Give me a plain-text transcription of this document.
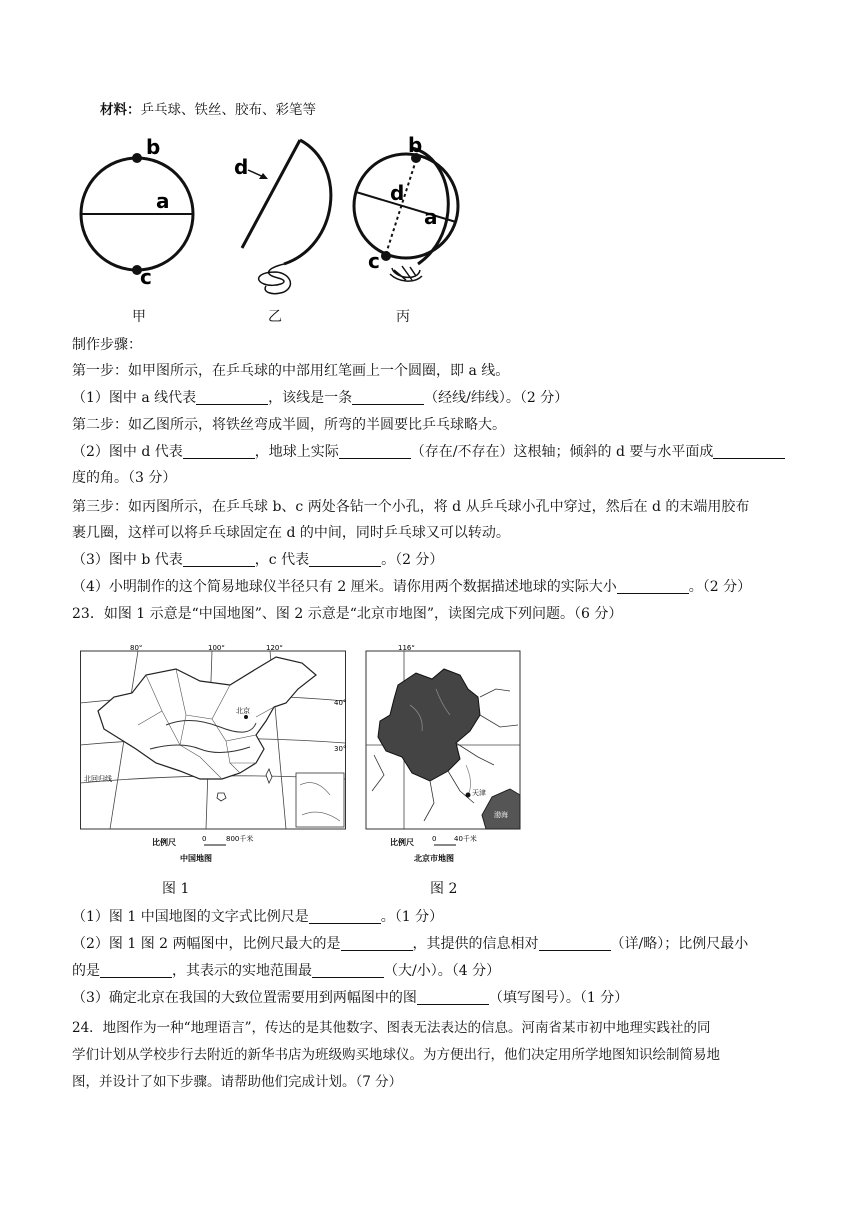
材料：乒乓球、铁丝、胶布、彩笔等
b
a
c
d
b
d
a
c
甲	乙	丙
制作步骤：
第一步：如甲图所示，在乒乓球的中部用红笔画上一个圆圈，即 a 线。
（1）图中 a 线代表	，该线是一条	（经线/纬线）。（2 分）
第二步：如乙图所示，将铁丝弯成半圆，所弯的半圆要比乒乓球略大。
（2）图中 d 代表	，地球上实际	（存在/不存在）这根轴；倾斜的 d 要与水平面成
度的角。（3 分）
第三步：如丙图所示，在乒乓球 b、c 两处各钻一个小孔，将 d 从乒乓球小孔中穿过，然后在 d 的末端用胶布
裹几圈，这样可以将乒乓球固定在 d 的中间，同时乒乓球又可以转动。
（3）图中 b 代表	，c 代表	。（2 分）
（4）小明制作的这个简易地球仪半径只有 2 厘米。请你用两个数据描述地球的实际大小	。（2 分）
23．如图 1 示意是“中国地图”、图 2 示意是“北京市地图”，读图完成下列问题。（6 分）
北京
80°	100°	120°
40°
30°
北回归线
比例尺	0	800千米
中国地图
116°
天津
渤海
比例尺	0	40千米
北京市地图
图 1	图 2
（1）图 1 中国地图的文字式比例尺是	。（1 分）
（2）图 1 图 2 两幅图中，比例尺最大的是	，其提供的信息相对	（详/略）；比例尺最小
的是	，其表示的实地范围最	（大/小）。（4 分）
（3）确定北京在我国的大致位置需要用到两幅图中的图	（填写图号）。（1 分）
24．地图作为一种“地理语言”，传达的是其他数字、图表无法表达的信息。河南省某市初中地理实践社的同
学们计划从学校步行去附近的新华书店为班级购买地球仪。为方便出行，他们决定用所学地图知识绘制简易地
图，并设计了如下步骤。请帮助他们完成计划。（7 分）
